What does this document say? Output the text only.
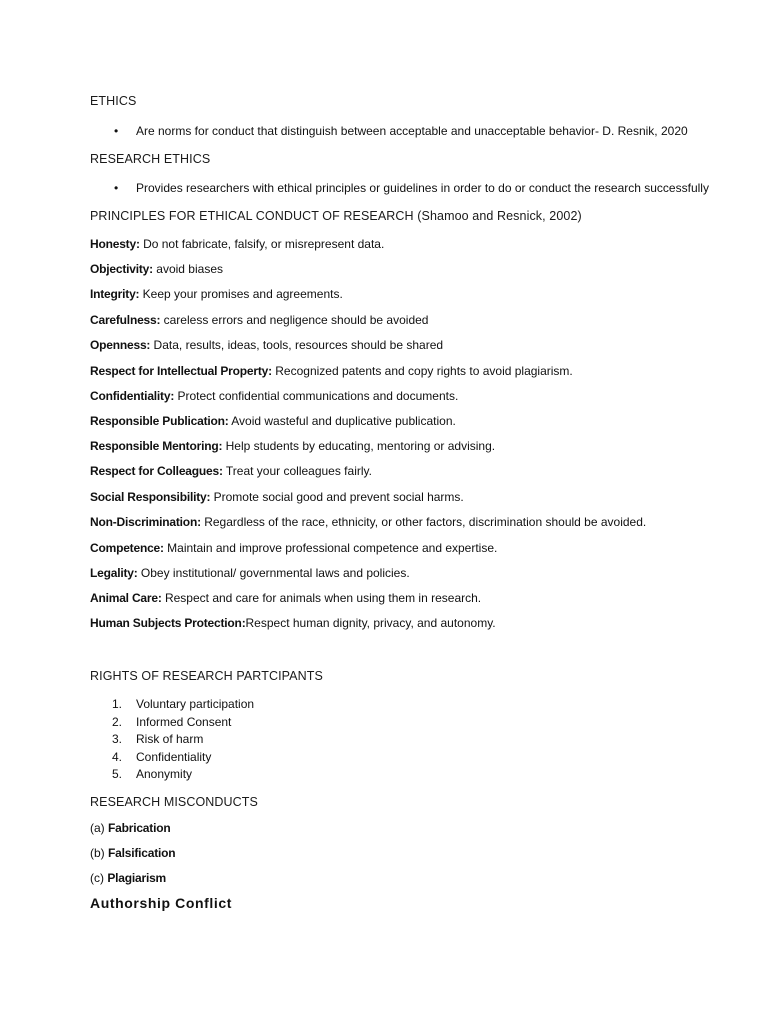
ETHICS
• Are norms for conduct that distinguish between acceptable and unacceptable behavior- D. Resnik, 2020
RESEARCH ETHICS
• Provides researchers with ethical principles or guidelines in order to do or conduct the research successfully
PRINCIPLES FOR ETHICAL CONDUCT OF RESEARCH (Shamoo and Resnick, 2002)
Honesty: Do not fabricate, falsify, or misrepresent data.
Objectivity: avoid biases
Integrity: Keep your promises and agreements.
Carefulness: careless errors and negligence should be avoided
Openness: Data, results, ideas, tools, resources should be shared
Respect for Intellectual Property: Recognized patents and copy rights to avoid plagiarism.
Confidentiality: Protect confidential communications and documents.
Responsible Publication: Avoid wasteful and duplicative publication.
Responsible Mentoring: Help students by educating, mentoring or advising.
Respect for Colleagues: Treat your colleagues fairly.
Social Responsibility: Promote social good and prevent social harms.
Non-Discrimination: Regardless of the race, ethnicity, or other factors, discrimination should be avoided.
Competence: Maintain and improve professional competence and expertise.
Legality: Obey institutional/ governmental laws and policies.
Animal Care: Respect and care for animals when using them in research.
Human Subjects Protection:Respect human dignity, privacy, and autonomy.
RIGHTS OF RESEARCH PARTCIPANTS
1. Voluntary participation
2. Informed Consent
3. Risk of harm
4. Confidentiality
5. Anonymity
RESEARCH MISCONDUCTS
(a) Fabrication
(b) Falsification
(c) Plagiarism
Authorship Conflict
